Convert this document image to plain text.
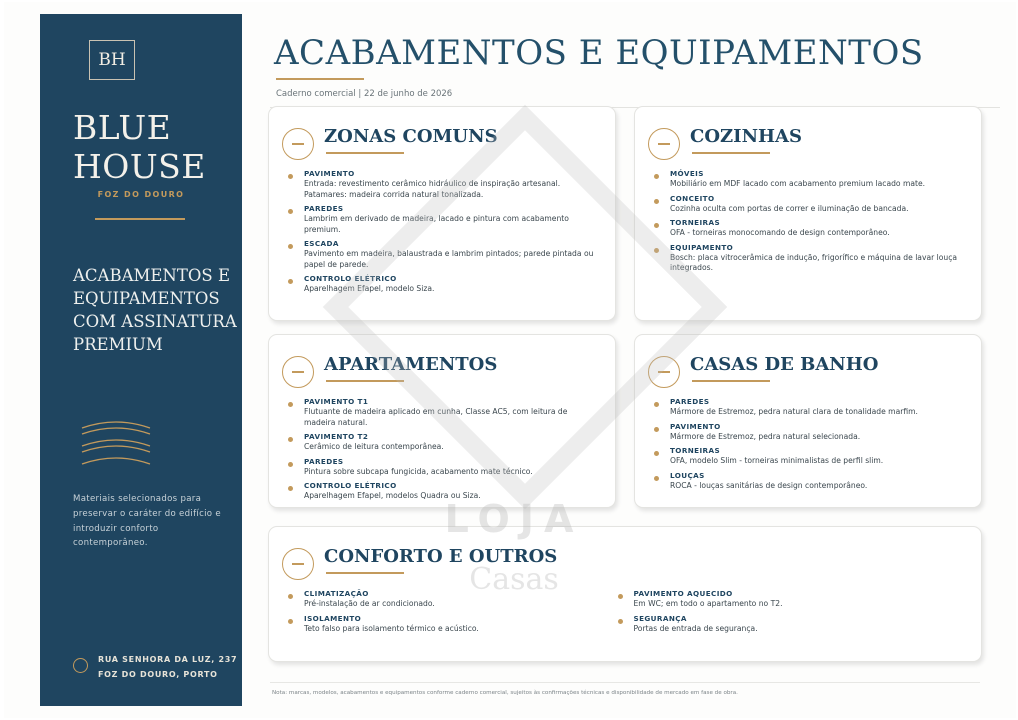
BH
BLUE
HOUSE
FOZ DO DOURO
ACABAMENTOS E EQUIPAMENTOS COM ASSINATURA PREMIUM
Materiais selecionados para preservar o caráter do edifício e introduzir conforto contemporâneo.
RUA SENHORA DA LUZ, 237
FOZ DO DOURO, PORTO
ACABAMENTOS E EQUIPAMENTOS
Caderno comercial | 22 de junho de 2026
ZONAS COMUNS
PAVIMENTO
Entrada: revestimento cerâmico hidráulico de inspiração artesanal. Patamares: madeira corrida natural tonalizada.
PAREDES
Lambrim em derivado de madeira, lacado e pintura com acabamento premium.
ESCADA
Pavimento em madeira, balaustrada e lambrim pintados; parede pintada ou papel de parede.
CONTROLO ELÉTRICO
Aparelhagem Efapel, modelo Siza.
COZINHAS
MÓVEIS
Mobiliário em MDF lacado com acabamento premium lacado mate.
CONCEITO
Cozinha oculta com portas de correr e iluminação de bancada.
TORNEIRAS
OFA - torneiras monocomando de design contemporâneo.
EQUIPAMENTO
Bosch: placa vitrocerâmica de indução, frigorífico e máquina de lavar louça integrados.
APARTAMENTOS
PAVIMENTO T1
Flutuante de madeira aplicado em cunha, Classe AC5, com leitura de madeira natural.
PAVIMENTO T2
Cerâmico de leitura contemporânea.
PAREDES
Pintura sobre subcapa fungicida, acabamento mate técnico.
CONTROLO ELÉTRICO
Aparelhagem Efapel, modelos Quadra ou Siza.
CASAS DE BANHO
PAREDES
Mármore de Estremoz, pedra natural clara de tonalidade marfim.
PAVIMENTO
Mármore de Estremoz, pedra natural selecionada.
TORNEIRAS
OFA, modelo Slim - torneiras minimalistas de perfil slim.
LOUÇAS
ROCA - louças sanitárias de design contemporâneo.
CONFORTO E OUTROS
CLIMATIZAÇÃO
Pré-instalação de ar condicionado.
ISOLAMENTO
Teto falso para isolamento térmico e acústico.
PAVIMENTO AQUECIDO
Em WC; em todo o apartamento no T2.
SEGURANÇA
Portas de entrada de segurança.
LOJA
Casas
Nota: marcas, modelos, acabamentos e equipamentos conforme caderno comercial, sujeitos às confirmações técnicas e disponibilidade de mercado em fase de obra.
